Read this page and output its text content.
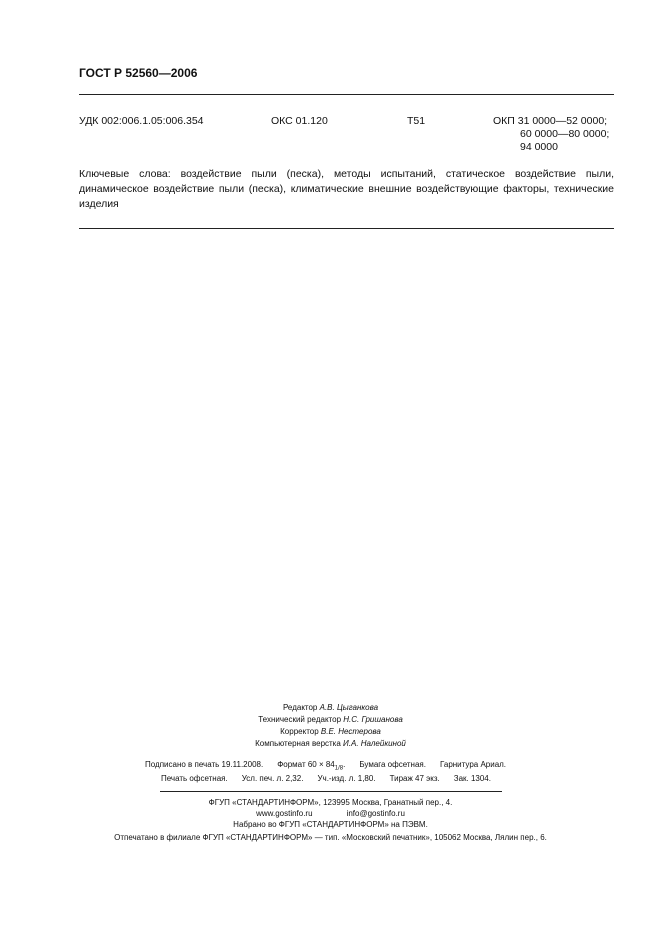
ГОСТ Р 52560—2006
УДК 002:006.1.05:006.354	ОКС 01.120	Т51	ОКП 31 0000—52 0000;
60 0000—80 0000;
94 0000
Ключевые слова: воздействие пыли (песка), методы испытаний, статическое воздействие пыли, динамическое воздействие пыли (песка), климатические внешние воздействующие факторы, технические изделия
Редактор А.В. Цыганкова
Технический редактор Н.С. Гришанова
Корректор В.Е. Нестерова
Компьютерная верстка И.А. Налейкиной
Подписано в печать 19.11.2008. Формат $60 \times 84_{1/8}$. Бумага офсетная. Гарнитура Ариал.
Печать офсетная. Усл. печ. л. 2,32. Уч.-изд. л. 1,80. Тираж 47 экз. Зак. 1304.
ФГУП «СТАНДАРТИНФОРМ», 123995 Москва, Гранатный пер., 4.
www.gostinfo.ru	info@gostinfo.ru
Набрано во ФГУП «СТАНДАРТИНФОРМ» на ПЭВМ.
Отпечатано в филиале ФГУП «СТАНДАРТИНФОРМ» — тип. «Московский печатник», 105062 Москва, Лялин пер., 6.
